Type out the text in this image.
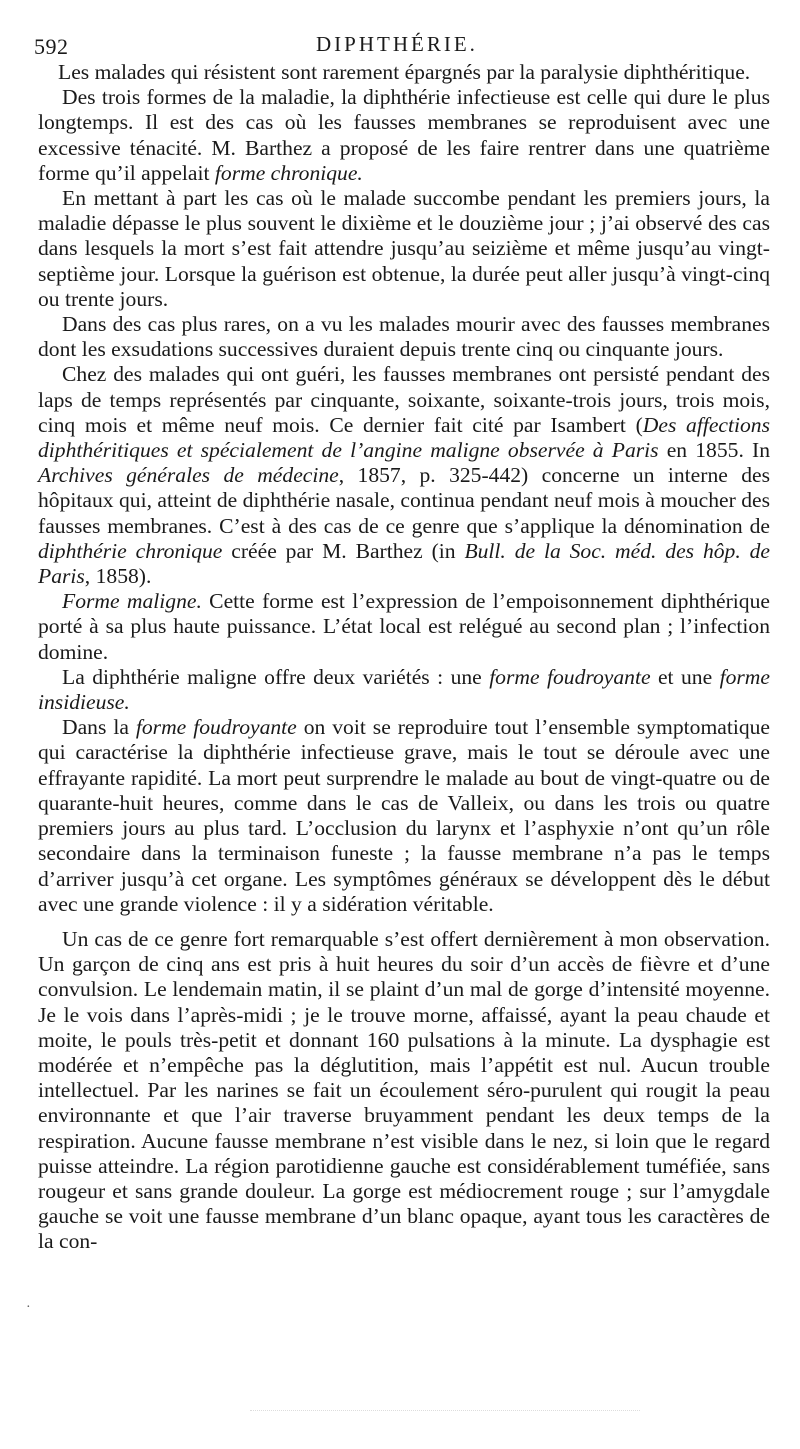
592	DIPHTHÉRIE.

Les malades qui résistent sont rarement épargnés par la paralysie diphthéritique.

Des trois formes de la maladie, la diphthérie infectieuse est celle qui dure le plus longtemps. Il est des cas où les fausses membranes se reproduisent avec une excessive ténacité. M. Barthez a proposé de les faire rentrer dans une quatrième forme qu’il appelait forme chronique.

En mettant à part les cas où le malade succombe pendant les premiers jours, la maladie dépasse le plus souvent le dixième et le douzième jour ; j’ai observé des cas dans lesquels la mort s’est fait attendre jusqu’au seizième et même jusqu’au vingt-septième jour. Lorsque la guérison est obtenue, la durée peut aller jusqu’à vingt-cinq ou trente jours.

Dans des cas plus rares, on a vu les malades mourir avec des fausses membranes dont les exsudations successives duraient depuis trente cinq ou cinquante jours.

Chez des malades qui ont guéri, les fausses membranes ont persisté pendant des laps de temps représentés par cinquante, soixante, soixante-trois jours, trois mois, cinq mois et même neuf mois. Ce dernier fait cité par Isambert (Des affections diphthéritiques et spécialement de l’angine maligne observée à Paris en 1855. In Archives générales de médecine, 1857, p. 325-442) concerne un interne des hôpitaux qui, atteint de diphthérie nasale, continua pendant neuf mois à moucher des fausses membranes. C’est à des cas de ce genre que s’applique la dénomination de diphthérie chronique créée par M. Barthez (in Bull. de la Soc. méd. des hôp. de Paris, 1858).

Forme maligne. Cette forme est l’expression de l’empoisonnement diphthérique porté à sa plus haute puissance. L’état local est relégué au second plan ; l’infection domine.

La diphthérie maligne offre deux variétés : une forme foudroyante et une forme insidieuse.

Dans la forme foudroyante on voit se reproduire tout l’ensemble symptomatique qui caractérise la diphthérie infectieuse grave, mais le tout se déroule avec une effrayante rapidité. La mort peut surprendre le malade au bout de vingt-quatre ou de quarante-huit heures, comme dans le cas de Valleix, ou dans les trois ou quatre premiers jours au plus tard. L’occlusion du larynx et l’asphyxie n’ont qu’un rôle secondaire dans la terminaison funeste ; la fausse membrane n’a pas le temps d’arriver jusqu’à cet organe. Les symptômes généraux se développent dès le début avec une grande violence : il y a sidération véritable.

Un cas de ce genre fort remarquable s’est offert dernièrement à mon observation. Un garçon de cinq ans est pris à huit heures du soir d’un accès de fièvre et d’une convulsion. Le lendemain matin, il se plaint d’un mal de gorge d’intensité moyenne. Je le vois dans l’après-midi ; je le trouve morne, affaissé, ayant la peau chaude et moite, le pouls très-petit et donnant 160 pulsations à la minute. La dysphagie est modérée et n’empêche pas la déglutition, mais l’appétit est nul. Aucun trouble intellectuel. Par les narines se fait un écoulement séro-purulent qui rougit la peau environnante et que l’air traverse bruyamment pendant les deux temps de la respiration. Aucune fausse membrane n’est visible dans le nez, si loin que le regard puisse atteindre. La région parotidienne gauche est considérablement tuméfiée, sans rougeur et sans grande douleur. La gorge est médiocrement rouge ; sur l’amygdale gauche se voit une fausse membrane d’un blanc opaque, ayant tous les caractères de la con-

·
